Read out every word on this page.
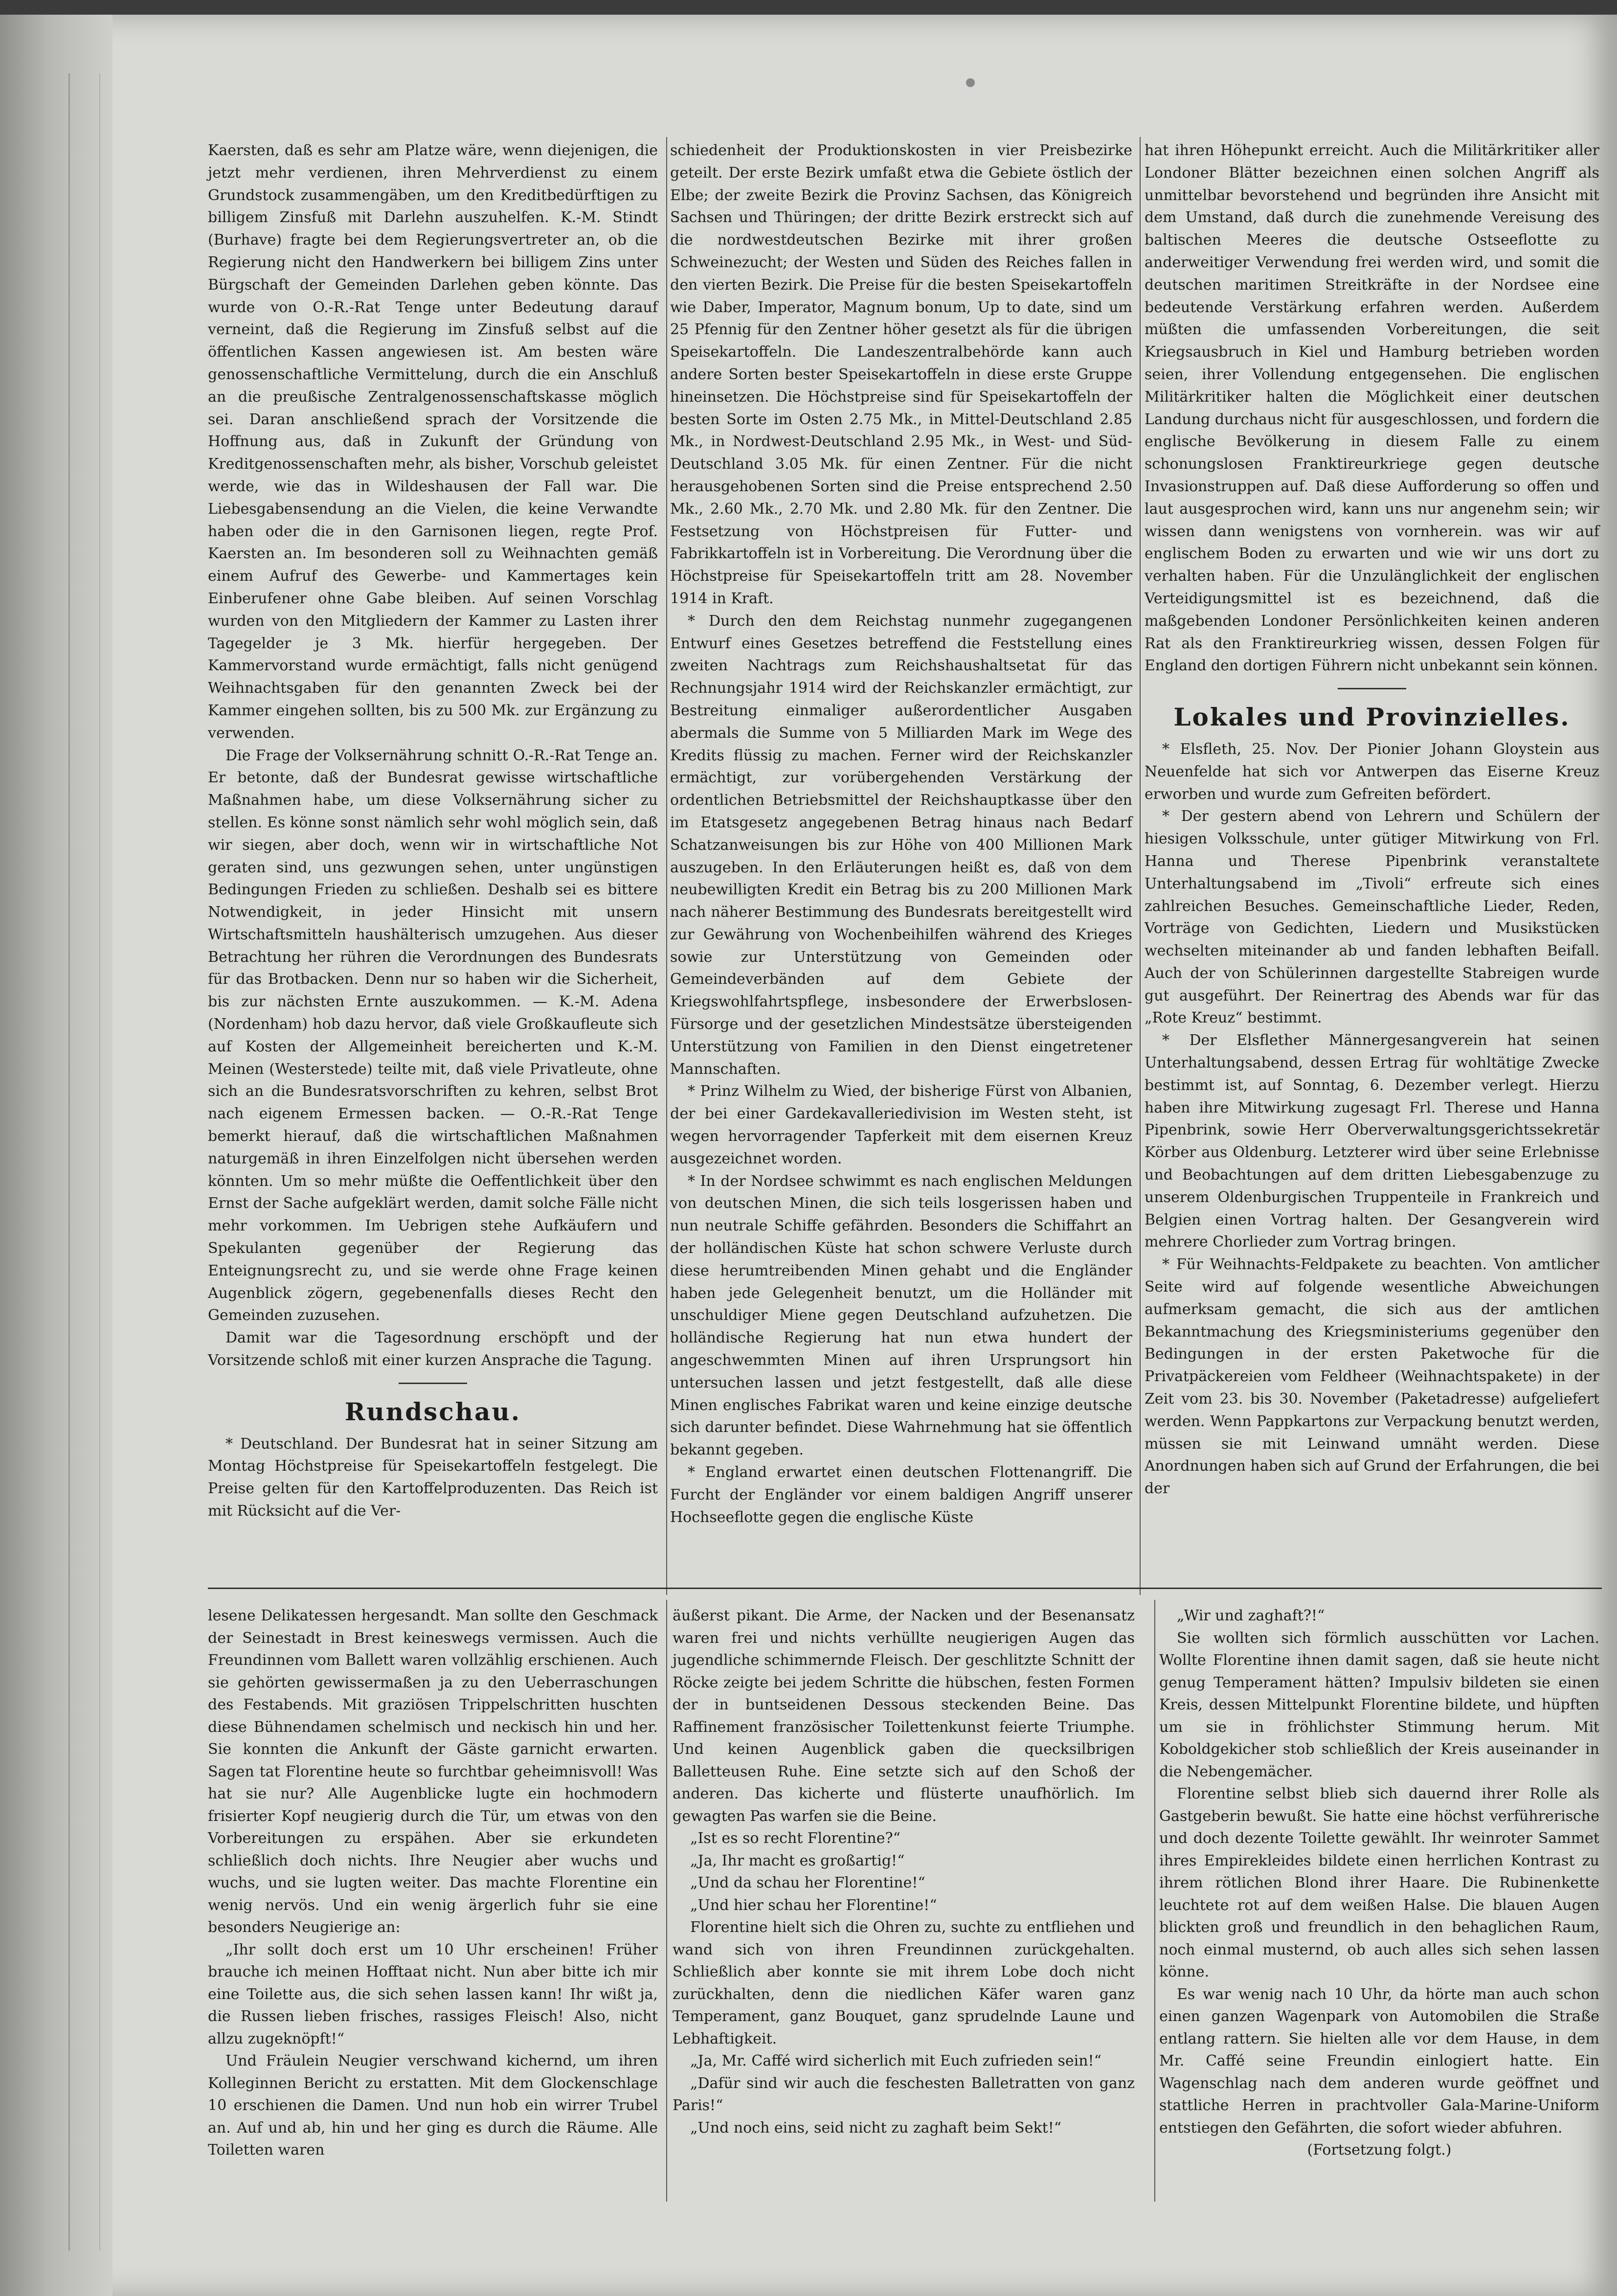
Kaersten, daß es sehr am Platze wäre, wenn diejenigen, die jetzt mehr verdienen, ihren Mehrverdienst zu einem Grundstock zusammengäben, um den Kreditbedürftigen zu billigem Zinsfuß mit Darlehn auszuhelfen. K.-M. Stindt (Burhave) fragte bei dem Regierungsvertreter an, ob die Regierung nicht den Handwerkern bei billigem Zins unter Bürgschaft der Gemeinden Darlehen geben könnte. Das wurde von O.-R.-Rat Tenge unter Bedeutung darauf verneint, daß die Regierung im Zinsfuß selbst auf die öffentlichen Kassen angewiesen ist. Am besten wäre genossenschaftliche Vermittelung, durch die ein Anschluß an die preußische Zentralgenossenschaftskasse möglich sei. Daran anschließend sprach der Vorsitzende die Hoffnung aus, daß in Zukunft der Gründung von Kreditgenossenschaften mehr, als bisher, Vorschub geleistet werde, wie das in Wildeshausen der Fall war. Die Liebesgabensendung an die Vielen, die keine Verwandte haben oder die in den Garnisonen liegen, regte Prof. Kaersten an. Im besonderen soll zu Weihnachten gemäß einem Aufruf des Gewerbe- und Kammertages kein Einberufener ohne Gabe bleiben. Auf seinen Vorschlag wurden von den Mitgliedern der Kammer zu Lasten ihrer Tagegelder je 3 Mk. hierfür hergegeben. Der Kammervorstand wurde ermächtigt, falls nicht genügend Weihnachtsgaben für den genannten Zweck bei der Kammer eingehen sollten, bis zu 500 Mk. zur Ergänzung zu verwenden.

Die Frage der Volksernährung schnitt O.-R.-Rat Tenge an. Er betonte, daß der Bundesrat gewisse wirtschaftliche Maßnahmen habe, um diese Volksernährung sicher zu stellen. Es könne sonst nämlich sehr wohl möglich sein, daß wir siegen, aber doch, wenn wir in wirtschaftliche Not geraten sind, uns gezwungen sehen, unter ungünstigen Bedingungen Frieden zu schließen. Deshalb sei es bittere Notwendigkeit, in jeder Hinsicht mit unsern Wirtschaftsmitteln haushälterisch umzugehen. Aus dieser Betrachtung her rühren die Verordnungen des Bundesrats für das Brotbacken. Denn nur so haben wir die Sicherheit, bis zur nächsten Ernte auszukommen. — K.-M. Adena (Nordenham) hob dazu hervor, daß viele Großkaufleute sich auf Kosten der Allgemeinheit bereicherten und K.-M. Meinen (Westerstede) teilte mit, daß viele Privatleute, ohne sich an die Bundesratsvorschriften zu kehren, selbst Brot nach eigenem Ermessen backen. — O.-R.-Rat Tenge bemerkt hierauf, daß die wirtschaftlichen Maßnahmen naturgemäß in ihren Einzelfolgen nicht übersehen werden könnten. Um so mehr müßte die Oeffentlichkeit über den Ernst der Sache aufgeklärt werden, damit solche Fälle nicht mehr vorkommen. Im Uebrigen stehe Aufkäufern und Spekulanten gegenüber der Regierung das Enteignungsrecht zu, und sie werde ohne Frage keinen Augenblick zögern, gegebenenfalls dieses Recht den Gemeinden zuzusehen.

Damit war die Tagesordnung erschöpft und der Vorsitzende schloß mit einer kurzen Ansprache die Tagung.

Rundschau.

* Deutschland. Der Bundesrat hat in seiner Sitzung am Montag Höchstpreise für Speisekartoffeln festgelegt. Die Preise gelten für den Kartoffelproduzenten. Das Reich ist mit Rücksicht auf die Ver-

schiedenheit der Produktionskosten in vier Preisbezirke geteilt. Der erste Bezirk umfaßt etwa die Gebiete östlich der Elbe; der zweite Bezirk die Provinz Sachsen, das Königreich Sachsen und Thüringen; der dritte Bezirk erstreckt sich auf die nordwestdeutschen Bezirke mit ihrer großen Schweinezucht; der Westen und Süden des Reiches fallen in den vierten Bezirk. Die Preise für die besten Speisekartoffeln wie Daber, Imperator, Magnum bonum, Up to date, sind um 25 Pfennig für den Zentner höher gesetzt als für die übrigen Speisekartoffeln. Die Landeszentralbehörde kann auch andere Sorten bester Speisekartoffeln in diese erste Gruppe hineinsetzen. Die Höchstpreise sind für Speisekartoffeln der besten Sorte im Osten 2.75 Mk., in Mittel-Deutschland 2.85 Mk., in Nordwest-Deutschland 2.95 Mk., in West- und Süd-Deutschland 3.05 Mk. für einen Zentner. Für die nicht herausgehobenen Sorten sind die Preise entsprechend 2.50 Mk., 2.60 Mk., 2.70 Mk. und 2.80 Mk. für den Zentner. Die Festsetzung von Höchstpreisen für Futter- und Fabrikkartoffeln ist in Vorbereitung. Die Verordnung über die Höchstpreise für Speisekartoffeln tritt am 28. November 1914 in Kraft.

* Durch den dem Reichstag nunmehr zugegangenen Entwurf eines Gesetzes betreffend die Feststellung eines zweiten Nachtrags zum Reichshaushaltsetat für das Rechnungsjahr 1914 wird der Reichskanzler ermächtigt, zur Bestreitung einmaliger außerordentlicher Ausgaben abermals die Summe von 5 Milliarden Mark im Wege des Kredits flüssig zu machen. Ferner wird der Reichskanzler ermächtigt, zur vorübergehenden Verstärkung der ordentlichen Betriebsmittel der Reichshauptkasse über den im Etatsgesetz angegebenen Betrag hinaus nach Bedarf Schatzanweisungen bis zur Höhe von 400 Millionen Mark auszugeben. In den Erläuterungen heißt es, daß von dem neubewilligten Kredit ein Betrag bis zu 200 Millionen Mark nach näherer Bestimmung des Bundesrats bereitgestellt wird zur Gewährung von Wochenbeihilfen während des Krieges sowie zur Unterstützung von Gemeinden oder Gemeindeverbänden auf dem Gebiete der Kriegswohlfahrtspflege, insbesondere der Erwerbslosen-Fürsorge und der gesetzlichen Mindestsätze übersteigenden Unterstützung von Familien in den Dienst eingetretener Mannschaften.

* Prinz Wilhelm zu Wied, der bisherige Fürst von Albanien, der bei einer Gardekavalleriedivision im Westen steht, ist wegen hervorragender Tapferkeit mit dem eisernen Kreuz ausgezeichnet worden.

* In der Nordsee schwimmt es nach englischen Meldungen von deutschen Minen, die sich teils losgerissen haben und nun neutrale Schiffe gefährden. Besonders die Schiffahrt an der holländischen Küste hat schon schwere Verluste durch diese herumtreibenden Minen gehabt und die Engländer haben jede Gelegenheit benutzt, um die Holländer mit unschuldiger Miene gegen Deutschland aufzuhetzen. Die holländische Regierung hat nun etwa hundert der angeschwemmten Minen auf ihren Ursprungsort hin untersuchen lassen und jetzt festgestellt, daß alle diese Minen englisches Fabrikat waren und keine einzige deutsche sich darunter befindet. Diese Wahrnehmung hat sie öffentlich bekannt gegeben.

* England erwartet einen deutschen Flottenangriff. Die Furcht der Engländer vor einem baldigen Angriff unserer Hochseeflotte gegen die englische Küste

hat ihren Höhepunkt erreicht. Auch die Militärkritiker aller Londoner Blätter bezeichnen einen solchen Angriff als unmittelbar bevorstehend und begründen ihre Ansicht mit dem Umstand, daß durch die zunehmende Vereisung des baltischen Meeres die deutsche Ostseeflotte zu anderweitiger Verwendung frei werden wird, und somit die deutschen maritimen Streitkräfte in der Nordsee eine bedeutende Verstärkung erfahren werden. Außerdem müßten die umfassenden Vorbereitungen, die seit Kriegsausbruch in Kiel und Hamburg betrieben worden seien, ihrer Vollendung entgegensehen. Die englischen Militärkritiker halten die Möglichkeit einer deutschen Landung durchaus nicht für ausgeschlossen, und fordern die englische Bevölkerung in diesem Falle zu einem schonungslosen Franktireurkriege gegen deutsche Invasionstruppen auf. Daß diese Aufforderung so offen und laut ausgesprochen wird, kann uns nur angenehm sein; wir wissen dann wenigstens von vornherein. was wir auf englischem Boden zu erwarten und wie wir uns dort zu verhalten haben. Für die Unzulänglichkeit der englischen Verteidigungsmittel ist es bezeichnend, daß die maßgebenden Londoner Persönlichkeiten keinen anderen Rat als den Franktireurkrieg wissen, dessen Folgen für England den dortigen Führern nicht unbekannt sein können.

Lokales und Provinzielles.

* Elsfleth, 25. Nov. Der Pionier Johann Gloystein aus Neuenfelde hat sich vor Antwerpen das Eiserne Kreuz erworben und wurde zum Gefreiten befördert.

* Der gestern abend von Lehrern und Schülern der hiesigen Volksschule, unter gütiger Mitwirkung von Frl. Hanna und Therese Pipenbrink veranstaltete Unterhaltungsabend im „Tivoli“ erfreute sich eines zahlreichen Besuches. Gemeinschaftliche Lieder, Reden, Vorträge von Gedichten, Liedern und Musikstücken wechselten miteinander ab und fanden lebhaften Beifall. Auch der von Schülerinnen dargestellte Stabreigen wurde gut ausgeführt. Der Reinertrag des Abends war für das „Rote Kreuz“ bestimmt.

* Der Elsflether Männergesangverein hat seinen Unterhaltungsabend, dessen Ertrag für wohltätige Zwecke bestimmt ist, auf Sonntag, 6. Dezember verlegt. Hierzu haben ihre Mitwirkung zugesagt Frl. Therese und Hanna Pipenbrink, sowie Herr Oberverwaltungsgerichtssekretär Körber aus Oldenburg. Letzterer wird über seine Erlebnisse und Beobachtungen auf dem dritten Liebesgabenzuge zu unserem Oldenburgischen Truppenteile in Frankreich und Belgien einen Vortrag halten. Der Gesangverein wird mehrere Chorlieder zum Vortrag bringen.

* Für Weihnachts-Feldpakete zu beachten. Von amtlicher Seite wird auf folgende wesentliche Abweichungen aufmerksam gemacht, die sich aus der amtlichen Bekanntmachung des Kriegsministeriums gegenüber den Bedingungen in der ersten Paketwoche für die Privatpäckereien vom Feldheer (Weihnachtspakete) in der Zeit vom 23. bis 30. November (Paketadresse) aufgeliefert werden. Wenn Pappkartons zur Verpackung benutzt werden, müssen sie mit Leinwand umnäht werden. Diese Anordnungen haben sich auf Grund der Erfahrungen, die bei der

lesene Delikatessen hergesandt. Man sollte den Geschmack der Seinestadt in Brest keineswegs vermissen. Auch die Freundinnen vom Ballett waren vollzählig erschienen. Auch sie gehörten gewissermaßen ja zu den Ueberraschungen des Festabends. Mit graziösen Trippelschritten huschten diese Bühnendamen schelmisch und neckisch hin und her. Sie konnten die Ankunft der Gäste garnicht erwarten. Sagen tat Florentine heute so furchtbar geheimnisvoll! Was hat sie nur? Alle Augenblicke lugte ein hochmodern frisierter Kopf neugierig durch die Tür, um etwas von den Vorbereitungen zu erspähen. Aber sie erkundeten schließlich doch nichts. Ihre Neugier aber wuchs und wuchs, und sie lugten weiter. Das machte Florentine ein wenig nervös. Und ein wenig ärgerlich fuhr sie eine besonders Neugierige an:

„Ihr sollt doch erst um 10 Uhr erscheinen! Früher brauche ich meinen Hofftaat nicht. Nun aber bitte ich mir eine Toilette aus, die sich sehen lassen kann! Ihr wißt ja, die Russen lieben frisches, rassiges Fleisch! Also, nicht allzu zugeknöpft!“

Und Fräulein Neugier verschwand kichernd, um ihren Kolleginnen Bericht zu erstatten. Mit dem Glockenschlage 10 erschienen die Damen. Und nun hob ein wirrer Trubel an. Auf und ab, hin und her ging es durch die Räume. Alle Toiletten waren

äußerst pikant. Die Arme, der Nacken und der Besenansatz waren frei und nichts verhüllte neugierigen Augen das jugendliche schimmernde Fleisch. Der geschlitzte Schnitt der Röcke zeigte bei jedem Schritte die hübschen, festen Formen der in buntseidenen Dessous steckenden Beine. Das Raffinement französischer Toilettenkunst feierte Triumphe. Und keinen Augenblick gaben die quecksilbrigen Balletteusen Ruhe. Eine setzte sich auf den Schoß der anderen. Das kicherte und flüsterte unaufhörlich. Im gewagten Pas warfen sie die Beine.

„Ist es so recht Florentine?“

„Ja, Ihr macht es großartig!“

„Und da schau her Florentine!“

„Und hier schau her Florentine!“

Florentine hielt sich die Ohren zu, suchte zu entfliehen und wand sich von ihren Freundinnen zurückgehalten. Schließlich aber konnte sie mit ihrem Lobe doch nicht zurückhalten, denn die niedlichen Käfer waren ganz Temperament, ganz Bouquet, ganz sprudelnde Laune und Lebhaftigkeit.

„Ja, Mr. Caffé wird sicherlich mit Euch zufrieden sein!“

„Dafür sind wir auch die feschesten Balletratten von ganz Paris!“

„Und noch eins, seid nicht zu zaghaft beim Sekt!“

„Wir und zaghaft?!“

Sie wollten sich förmlich ausschütten vor Lachen. Wollte Florentine ihnen damit sagen, daß sie heute nicht genug Temperament hätten? Impulsiv bildeten sie einen Kreis, dessen Mittelpunkt Florentine bildete, und hüpften um sie in fröhlichster Stimmung herum. Mit Koboldgekicher stob schließlich der Kreis auseinander in die Nebengemächer.

Florentine selbst blieb sich dauernd ihrer Rolle als Gastgeberin bewußt. Sie hatte eine höchst verführerische und doch dezente Toilette gewählt. Ihr weinroter Sammet ihres Empirekleides bildete einen herrlichen Kontrast zu ihrem rötlichen Blond ihrer Haare. Die Rubinenkette leuchtete rot auf dem weißen Halse. Die blauen Augen blickten groß und freundlich in den behaglichen Raum, noch einmal musternd, ob auch alles sich sehen lassen könne.

Es war wenig nach 10 Uhr, da hörte man auch schon einen ganzen Wagenpark von Automobilen die Straße entlang rattern. Sie hielten alle vor dem Hause, in dem Mr. Caffé seine Freundin einlogiert hatte. Ein Wagenschlag nach dem anderen wurde geöffnet und stattliche Herren in prachtvoller Gala-Marine-Uniform entstiegen den Gefährten, die sofort wieder abfuhren.

(Fortsetzung folgt.)
